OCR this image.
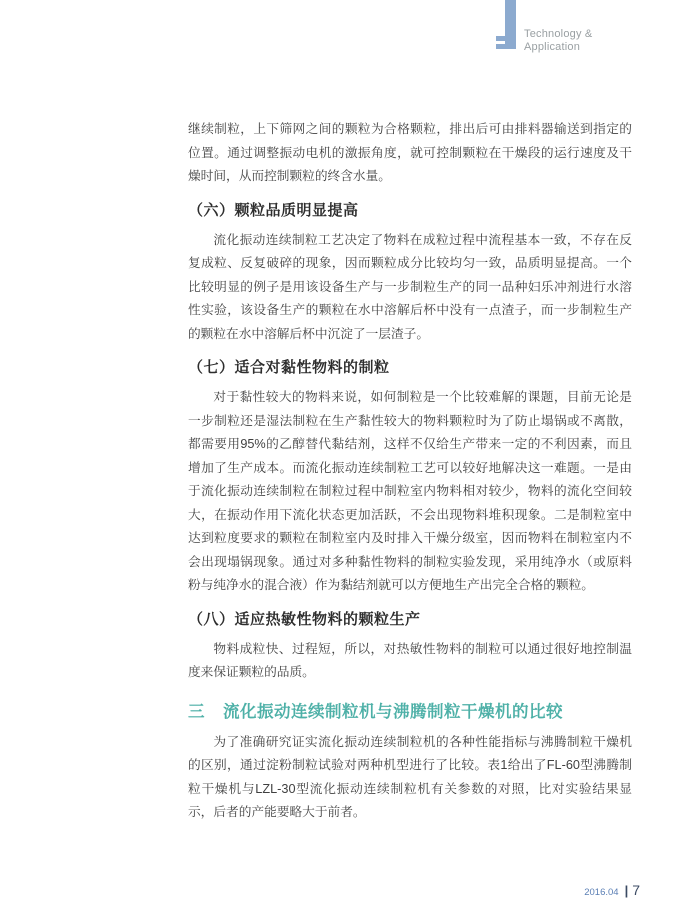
Technology &
Application

继续制粒，上下筛网之间的颗粒为合格颗粒，排出后可由排料器输送到指定的位置。通过调整振动电机的激振角度，就可控制颗粒在干燥段的运行速度及干燥时间，从而控制颗粒的终含水量。

（六）颗粒品质明显提高

流化振动连续制粒工艺决定了物料在成粒过程中流程基本一致，不存在反复成粒、反复破碎的现象，因而颗粒成分比较均匀一致，品质明显提高。一个比较明显的例子是用该设备生产与一步制粒生产的同一品种妇乐冲剂进行水溶性实验，该设备生产的颗粒在水中溶解后杯中没有一点渣子，而一步制粒生产的颗粒在水中溶解后杯中沉淀了一层渣子。

（七）适合对黏性物料的制粒

对于黏性较大的物料来说，如何制粒是一个比较难解的课题，目前无论是一步制粒还是湿法制粒在生产黏性较大的物料颗粒时为了防止塌锅或不离散，都需要用95%的乙醇替代黏结剂，这样不仅给生产带来一定的不利因素，而且增加了生产成本。而流化振动连续制粒工艺可以较好地解决这一难题。一是由于流化振动连续制粒在制粒过程中制粒室内物料相对较少，物料的流化空间较大，在振动作用下流化状态更加活跃，不会出现物料堆积现象。二是制粒室中达到粒度要求的颗粒在制粒室内及时排入干燥分级室，因而物料在制粒室内不会出现塌锅现象。通过对多种黏性物料的制粒实验发现，采用纯净水（或原料粉与纯净水的混合液）作为黏结剂就可以方便地生产出完全合格的颗粒。

（八）适应热敏性物料的颗粒生产

物料成粒快、过程短，所以，对热敏性物料的制粒可以通过很好地控制温度来保证颗粒的品质。

三 流化振动连续制粒机与沸腾制粒干燥机的比较

为了准确研究证实流化振动连续制粒机的各种性能指标与沸腾制粒干燥机的区别，通过淀粉制粒试验对两种机型进行了比较。表1给出了FL-60型沸腾制粒干燥机与LZL-30型流化振动连续制粒机有关参数的对照，比对实验结果显示，后者的产能要略大于前者。

2016.04 | 7
